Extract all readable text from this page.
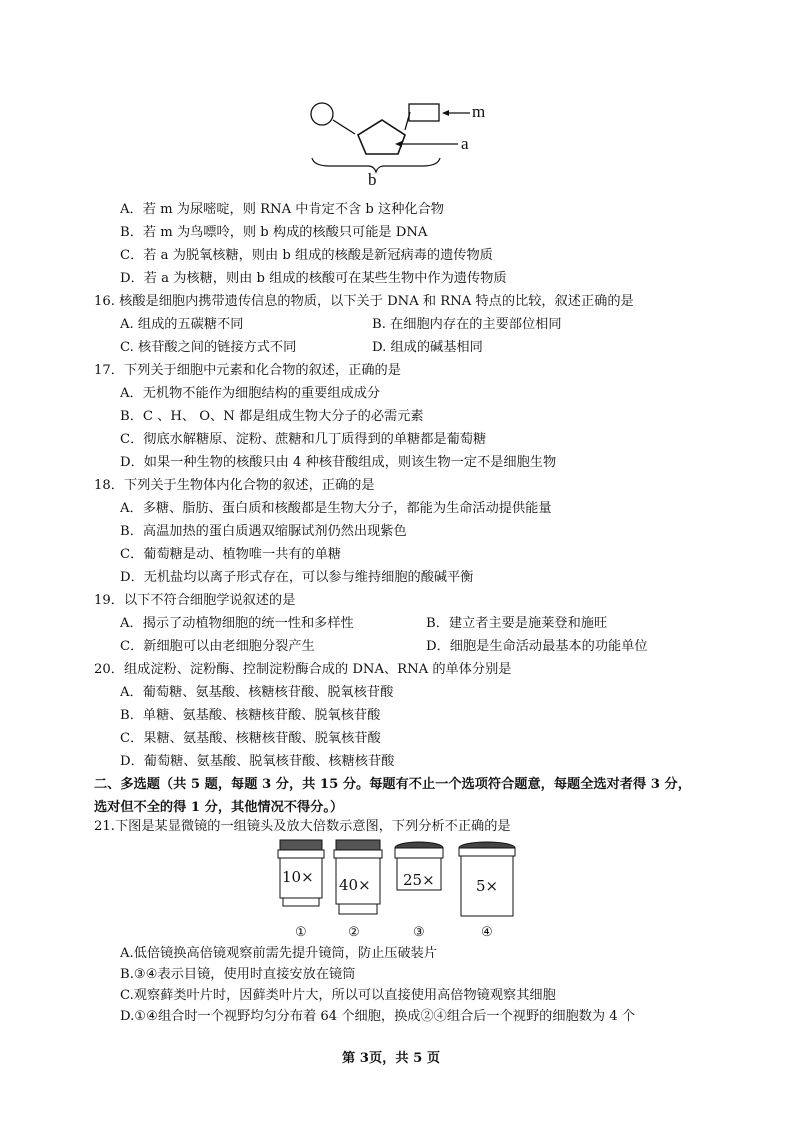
m
a
b
A．若 m 为尿嘧啶，则 RNA 中肯定不含 b 这种化合物
B．若 m 为鸟嘌呤，则 b 构成的核酸只可能是 DNA
C．若 a 为脱氧核糖，则由 b 组成的核酸是新冠病毒的遗传物质
D．若 a 为核糖，则由 b 组成的核酸可在某些生物中作为遗传物质
16. 核酸是细胞内携带遗传信息的物质，以下关于 DNA 和 RNA 特点的比较，叙述正确的是
A. 组成的五碳糖不同	B. 在细胞内存在的主要部位相同
C. 核苷酸之间的链接方式不同	D. 组成的碱基相同
17．下列关于细胞中元素和化合物的叙述，正确的是
A．无机物不能作为细胞结构的重要组成成分
B．C 、H、 O、N 都是组成生物大分子的必需元素
C．彻底水解糖原、淀粉、蔗糖和几丁质得到的单糖都是葡萄糖
D．如果一种生物的核酸只由 4 种核苷酸组成，则该生物一定不是细胞生物
18．下列关于生物体内化合物的叙述，正确的是
A．多糖、脂肪、蛋白质和核酸都是生物大分子，都能为生命活动提供能量
B．高温加热的蛋白质遇双缩脲试剂仍然出现紫色
C．葡萄糖是动、植物唯一共有的单糖
D．无机盐均以离子形式存在，可以参与维持细胞的酸碱平衡
19．以下不符合细胞学说叙述的是
A．揭示了动植物细胞的统一性和多样性	B．建立者主要是施莱登和施旺
C．新细胞可以由老细胞分裂产生	D．细胞是生命活动最基本的功能单位
20．组成淀粉、淀粉酶、控制淀粉酶合成的 DNA、RNA 的单体分别是
A．葡萄糖、氨基酸、核糖核苷酸、脱氧核苷酸
B．单糖、氨基酸、核糖核苷酸、脱氧核苷酸
C．果糖、氨基酸、核糖核苷酸、脱氧核苷酸
D．葡萄糖、氨基酸、脱氧核苷酸、核糖核苷酸
二、多选题（共 5 题，每题 3 分，共 15 分。每题有不止一个选项符合题意，每题全选对者得 3 分，
选对但不全的得 1 分，其他情况不得分。）
21.下图是某显微镜的一组镜头及放大倍数示意图，下列分析不正确的是
10× 40× 25×	5×
①	②	③	④
A.低倍镜换高倍镜观察前需先提升镜筒，防止压破装片
B.③④表示目镜，使用时直接安放在镜筒
C.观察藓类叶片时，因藓类叶片大，所以可以直接使用高倍物镜观察其细胞
D.①④组合时一个视野均匀分布着 64 个细胞，换成②④组合后一个视野的细胞数为 4 个
第 3页，共 5 页
